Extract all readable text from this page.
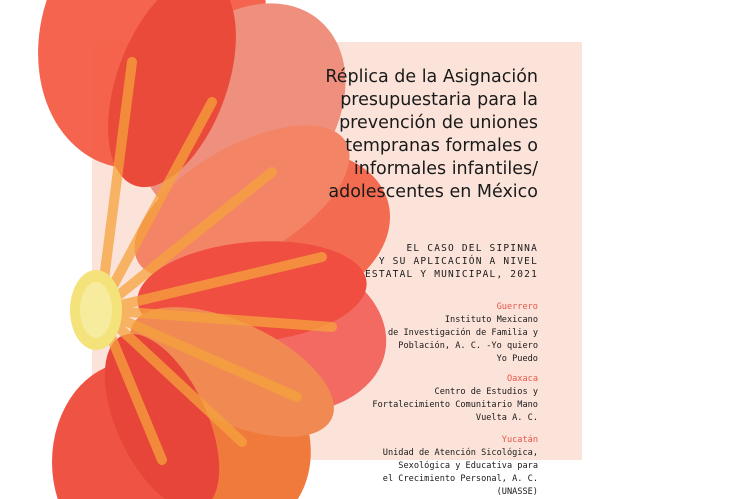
Réplica de la Asignación
presupuestaria para la
prevención de uniones
tempranas formales o
informales infantiles/
adolescentes en México
EL CASO DEL SIPINNA
Y SU APLICACIÓN A NIVEL
ESTATAL Y MUNICIPAL, 2021
Guerrero
Instituto Mexicano
de Investigación de Familia y
Población, A. C. -Yo quiero
Yo Puedo
Oaxaca
Centro de Estudios y
Fortalecimiento Comunitario Mano
Vuelta A. C.
Yucatán
Unidad de Atención Sicológica,
Sexológica y Educativa para
el Crecimiento Personal, A. C.
(UNASSE)
